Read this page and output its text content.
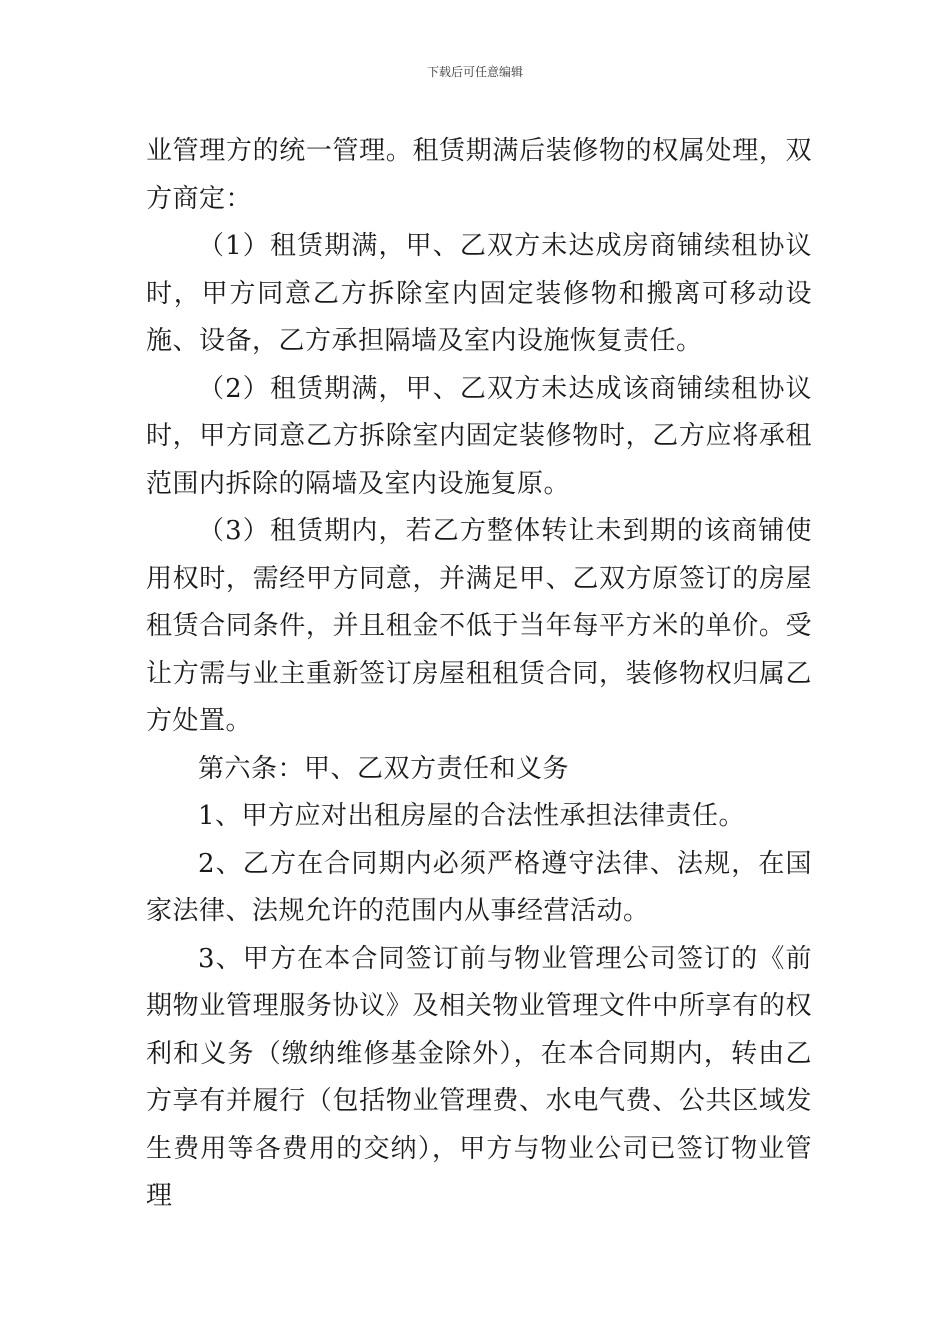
下载后可任意编辑

业管理方的统一管理。租赁期满后装修物的权属处理，双方商定：

（1）租赁期满，甲、乙双方未达成房商铺续租协议时，甲方同意乙方拆除室内固定装修物和搬离可移动设施、设备，乙方承担隔墙及室内设施恢复责任。

（2）租赁期满，甲、乙双方未达成该商铺续租协议时，甲方同意乙方拆除室内固定装修物时，乙方应将承租范围内拆除的隔墙及室内设施复原。

（3）租赁期内，若乙方整体转让未到期的该商铺使用权时，需经甲方同意，并满足甲、乙双方原签订的房屋租赁合同条件，并且租金不低于当年每平方米的单价。受让方需与业主重新签订房屋租租赁合同，装修物权归属乙方处置。

第六条：甲、乙双方责任和义务

1、甲方应对出租房屋的合法性承担法律责任。

2、乙方在合同期内必须严格遵守法律、法规，在国家法律、法规允许的范围内从事经营活动。

3、甲方在本合同签订前与物业管理公司签订的《前期物业管理服务协议》及相关物业管理文件中所享有的权利和义务（缴纳维修基金除外），在本合同期内，转由乙方享有并履行（包括物业管理费、水电气费、公共区域发生费用等各费用的交纳），甲方与物业公司已签订物业管理
